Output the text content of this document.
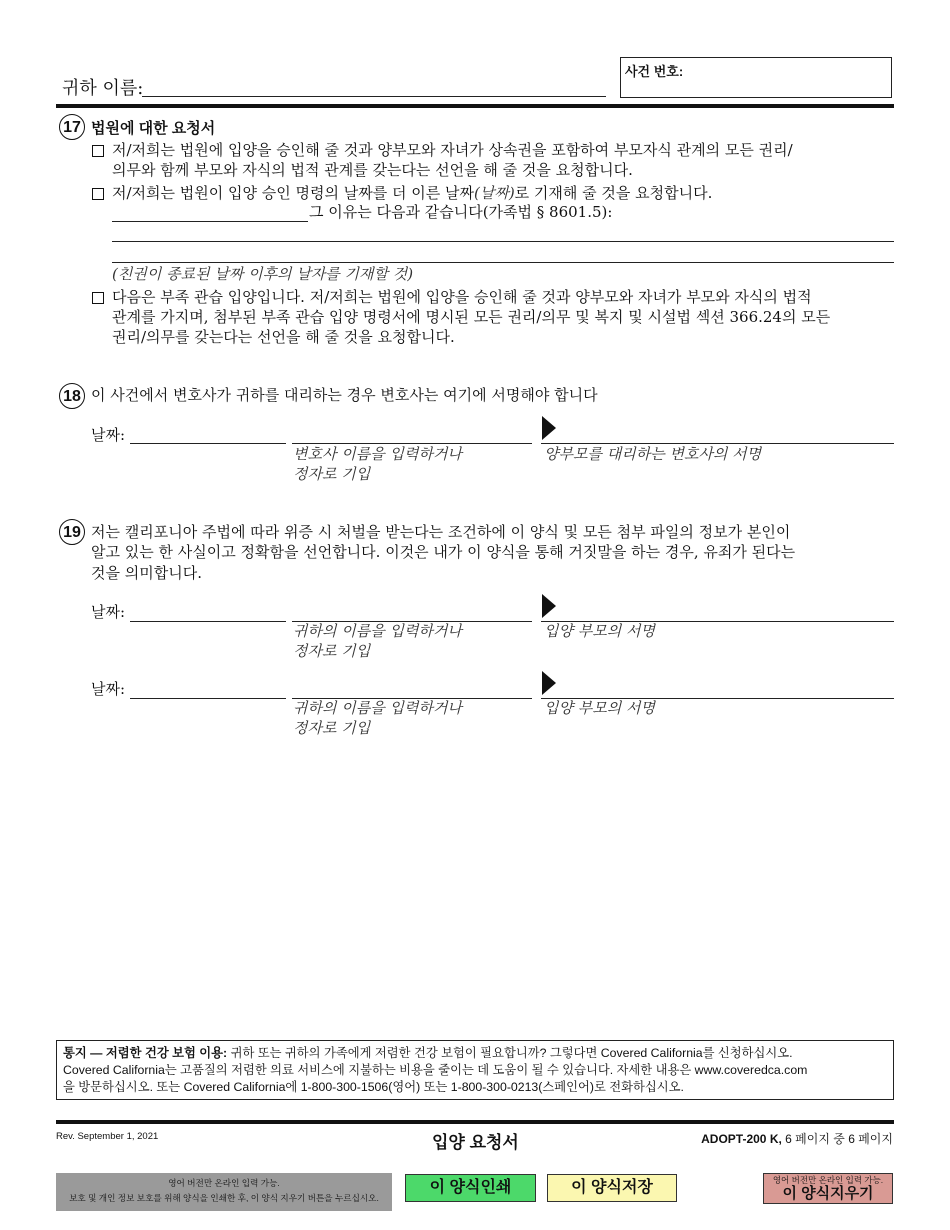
귀하 이름:
사건 번호:
17 법원에 대한 요청서
저/저희는 법원에 입양을 승인해 줄 것과 양부모와 자녀가 상속권을 포함하여 부모자식 관계의 모든 권리/
의무와 함께 부모와 자식의 법적 관계를 갖는다는 선언을 해 줄 것을 요청합니다.
저/저희는 법원이 입양 승인 명령의 날짜를 더 이른 날짜(날짜)로 기재해 줄 것을 요청합니다.
그 이유는 다음과 같습니다(가족법 § 8601.5):
(친권이 종료된 날짜 이후의 날자를 기재할 것)
다음은 부족 관습 입양입니다. 저/저희는 법원에 입양을 승인해 줄 것과 양부모와 자녀가 부모와 자식의 법적
관계를 가지며, 첨부된 부족 관습 입양 명령서에 명시된 모든 권리/의무 및 복지 및 시설법 섹션 366.24의 모든
권리/의무를 갖는다는 선언을 해 줄 것을 요청합니다.
18 이 사건에서 변호사가 귀하를 대리하는 경우 변호사는 여기에 서명해야 합니다
날짜:
변호사 이름을 입력하거나
정자로 기입
양부모를 대리하는 변호사의 서명
19 저는 캘리포니아 주법에 따라 위증 시 처벌을 받는다는 조건하에 이 양식 및 모든 첨부 파일의 정보가 본인이
알고 있는 한 사실이고 정확함을 선언합니다. 이것은 내가 이 양식을 통해 거짓말을 하는 경우, 유죄가 된다는
것을 의미합니다.
날짜:
귀하의 이름을 입력하거나
정자로 기입
입양 부모의 서명
날짜:
귀하의 이름을 입력하거나
정자로 기입
입양 부모의 서명
통지 — 저렴한 건강 보험 이용: 귀하 또는 귀하의 가족에게 저렴한 건강 보험이 필요합니까? 그렇다면 Covered California를 신청하십시오.
Covered California는 고품질의 저렴한 의료 서비스에 지불하는 비용을 줄이는 데 도움이 될 수 있습니다. 자세한 내용은 www.coveredca.com
을 방문하십시오. 또는 Covered California에 1-800-300-1506(영어) 또는 1-800-300-0213(스페인어)로 전화하십시오.
Rev. September 1, 2021	입양 요청서	ADOPT-200 K, 6 페이지 중 6 페이지
영어 버전만 온라인 입력 가능.
보호 및 개인 정보 보호를 위해 양식을 인쇄한 후, 이 양식 지우기 버튼을 누르십시오.
이 양식인쇄	이 양식저장	영어 버전만 온라인 입력 가능.
이 양식지우기
